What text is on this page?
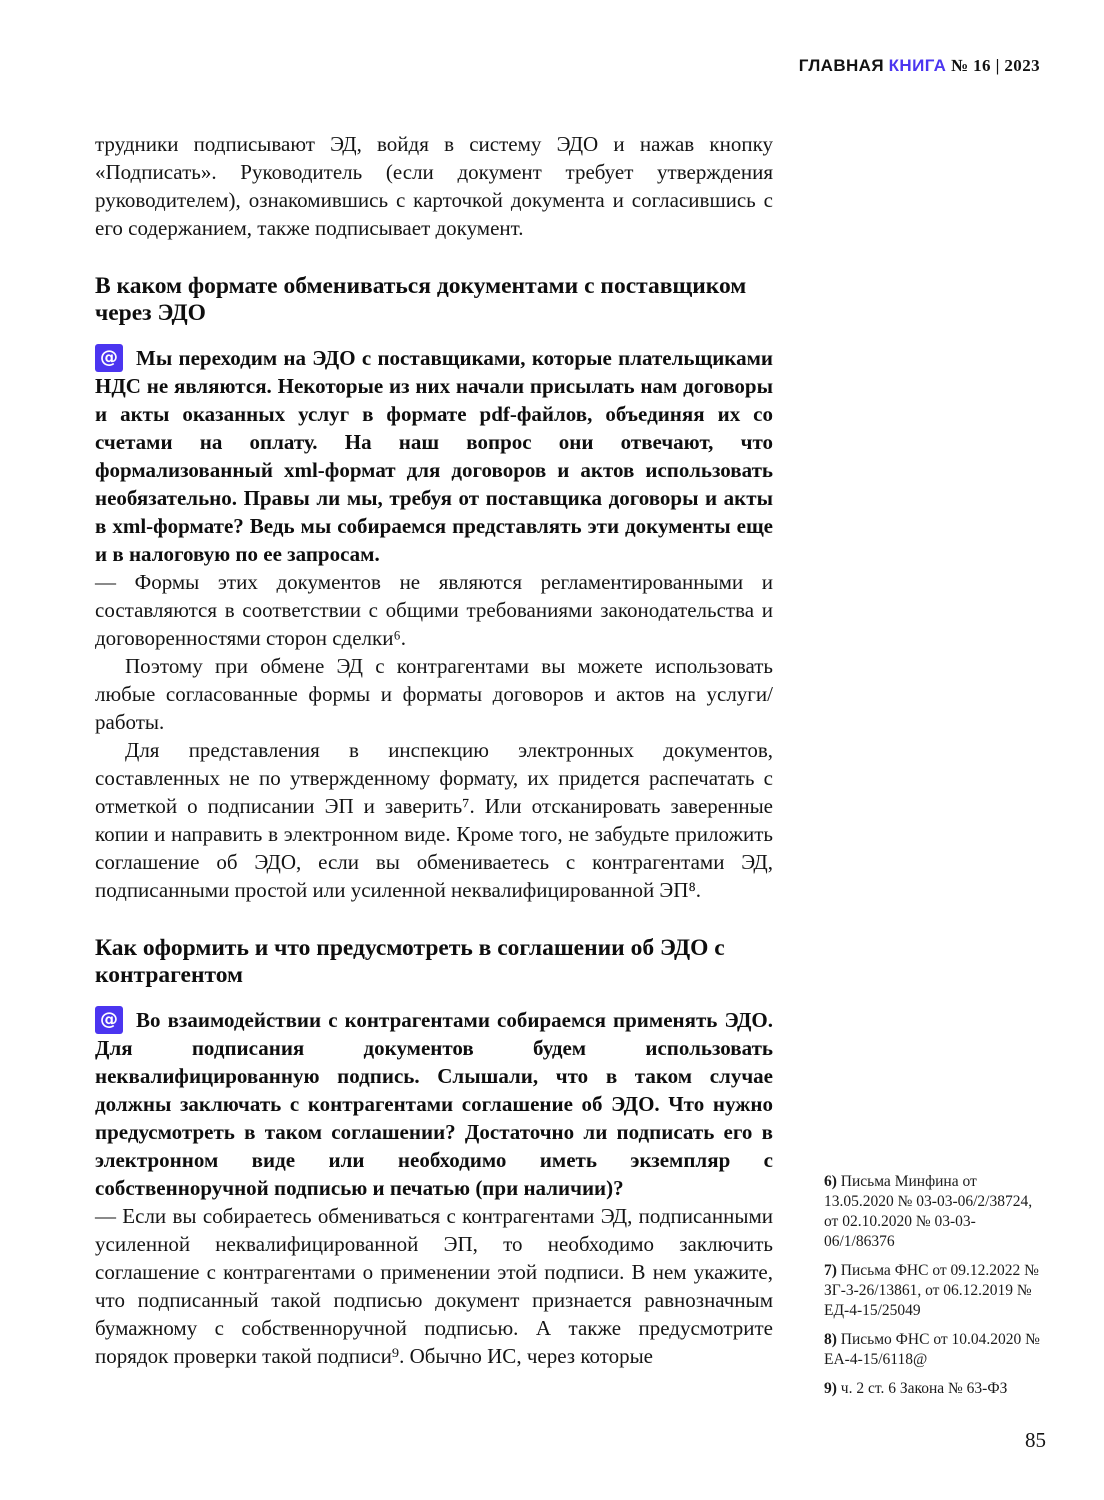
ГЛАВНАЯ КНИГА № 16 | 2023

трудники подписывают ЭД, войдя в систему ЭДО и нажав кнопку «Подписать». Руководитель (если документ требует утверждения руководителем), ознакомившись с карточкой документа и согласившись с его содержанием, также подписывает документ.

В каком формате обмениваться документами с поставщиком через ЭДО
@ Мы переходим на ЭДО с поставщиками, которые плательщиками НДС не являются. Некоторые из них начали присылать нам договоры и акты оказанных услуг в формате pdf-файлов, объединяя их со счетами на оплату. На наш вопрос они отвечают, что формализованный xml-формат для договоров и актов использовать необязательно. Правы ли мы, требуя от поставщика договоры и акты в xml-формате? Ведь мы собираемся представлять эти документы еще и в налоговую по ее запросам.

— Формы этих документов не являются регламентированными и составляются в соответствии с общими требованиями законодательства и договоренностями сторон сделки⁶.

Поэтому при обмене ЭД с контрагентами вы можете использовать любые согласованные формы и форматы договоров и актов на услуги/работы.

Для представления в инспекцию электронных документов, составленных не по утвержденному формату, их придется распечатать с отметкой о подписании ЭП и заверить⁷. Или отсканировать заверенные копии и направить в электронном виде. Кроме того, не забудьте приложить соглашение об ЭДО, если вы обмениваетесь с контрагентами ЭД, подписанными простой или усиленной неквалифицированной ЭП⁸.

Как оформить и что предусмотреть в соглашении об ЭДО с контрагентом
@ Во взаимодействии с контрагентами собираемся применять ЭДО. Для подписания документов будем использовать неквалифицированную подпись. Слышали, что в таком случае должны заключать с контрагентами соглашение об ЭДО. Что нужно предусмотреть в таком соглашении? Достаточно ли подписать его в электронном виде или необходимо иметь экземпляр с собственноручной подписью и печатью (при наличии)?

— Если вы собираетесь обмениваться с контрагентами ЭД, подписанными усиленной неквалифицированной ЭП, то необходимо заключить соглашение с контрагентами о применении этой подписи. В нем укажите, что подписанный такой подписью документ признается равнозначным бумажному с собственноручной подписью. А также предусмотрите порядок проверки такой подписи⁹. Обычно ИС, через которые

6) Письма Минфина от 13.05.2020 № 03-03-06/2/38724, от 02.10.2020 № 03-03-06/1/86376
7) Письма ФНС от 09.12.2022 № ЗГ-3-26/13861, от 06.12.2019 № ЕД-4-15/25049
8) Письмо ФНС от 10.04.2020 № ЕА-4-15/6118@
9) ч. 2 ст. 6 Закона № 63-ФЗ
85
